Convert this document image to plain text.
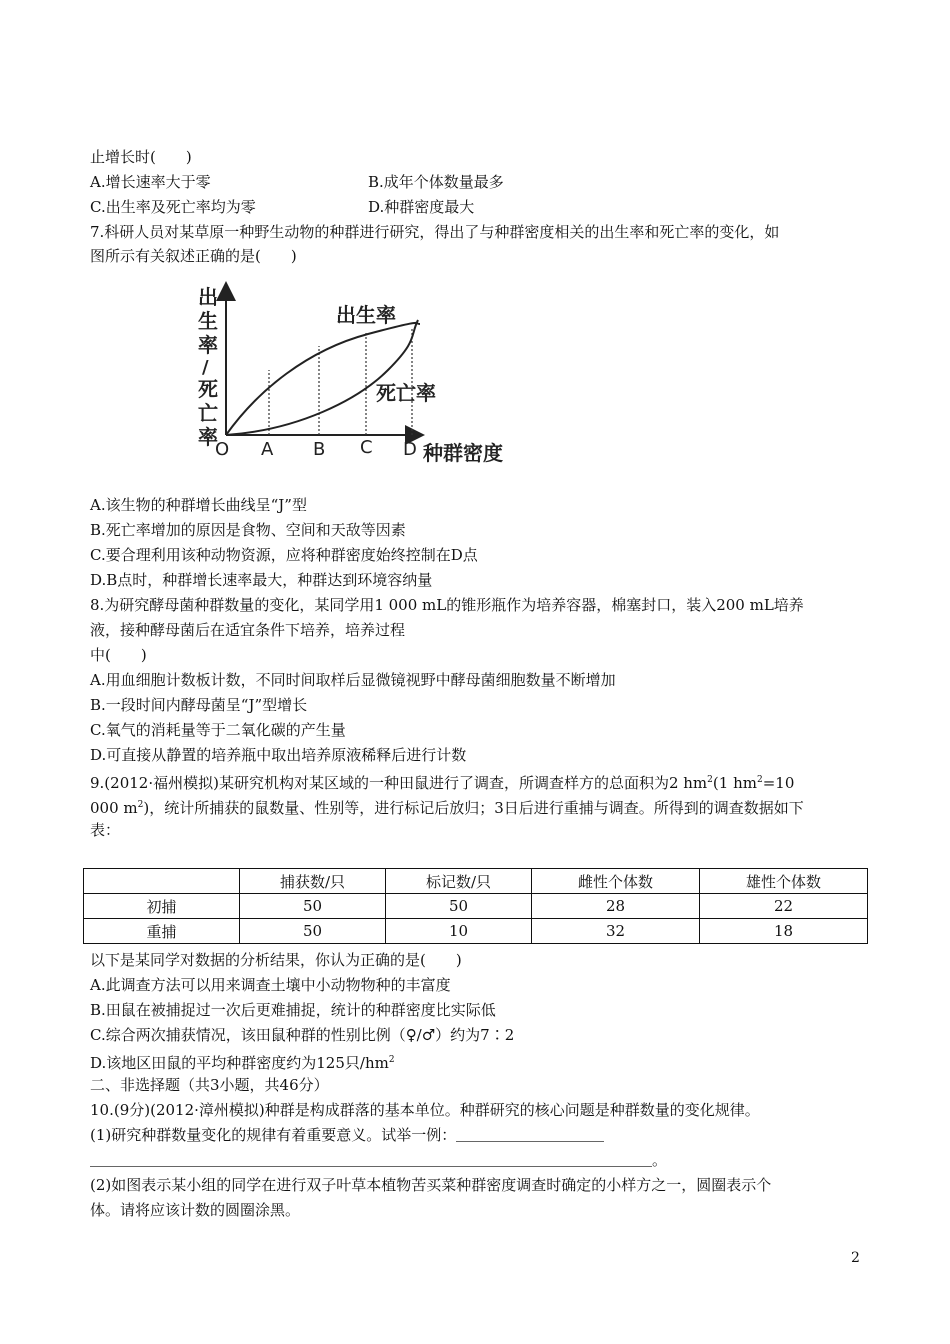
止增长时(　　)
A.增长速率大于零	B.成年个体数量最多
C.出生率及死亡率均为零	D.种群密度最大
7.科研人员对某草原一种野生动物的种群进行研究，得出了与种群密度相关的出生率和死亡率的变化，如
图所示有关叙述正确的是(　　)
出
生
率
/
死
亡
率
O A B C D 种群密度
出生率
死亡率
A.该生物的种群增长曲线呈“J”型
B.死亡率增加的原因是食物、空间和天敌等因素
C.要合理利用该种动物资源，应将种群密度始终控制在D点
D.B点时，种群增长速率最大，种群达到环境容纳量
8.为研究酵母菌种群数量的变化，某同学用1 000 mL的锥形瓶作为培养容器，棉塞封口，装入200 mL培养
液，接种酵母菌后在适宜条件下培养，培养过程
中(　　)
A.用血细胞计数板计数，不同时间取样后显微镜视野中酵母菌细胞数量不断增加
B.一段时间内酵母菌呈“J”型增长
C.氧气的消耗量等于二氧化碳的产生量
D.可直接从静置的培养瓶中取出培养原液稀释后进行计数
9.(2012·福州模拟)某研究机构对某区域的一种田鼠进行了调查，所调查样方的总面积为2 $hm^2(1$ $hm^2=10$
000 $m^2$)，统计所捕获的鼠数量、性别等，进行标记后放归；3日后进行重捕与调查。所得到的调查数据如下
表：
	捕获数/只	标记数/只	雌性个体数	雄性个体数
初捕	50	50	28	22
重捕	50	10	32	18
以下是某同学对数据的分析结果，你认为正确的是(　　)
A.此调查方法可以用来调查土壤中小动物物种的丰富度
B.田鼠在被捕捉过一次后更难捕捉，统计的种群密度比实际低
C.综合两次捕获情况，该田鼠种群的性别比例（♀/♂）约为7∶2
D.该地区田鼠的平均种群密度约为125只$/hm^2$
二、非选择题（共3小题，共46分）
10.(9分)(2012·漳州模拟)种群是构成群落的基本单位。种群研究的核心问题是种群数量的变化规律。
(1)研究种群数量变化的规律有着重要意义。试举一例：
。
(2)如图表示某小组的同学在进行双子叶草本植物苦买菜种群密度调查时确定的小样方之一，圆圈表示个
体。请将应该计数的圆圈涂黑。
2
